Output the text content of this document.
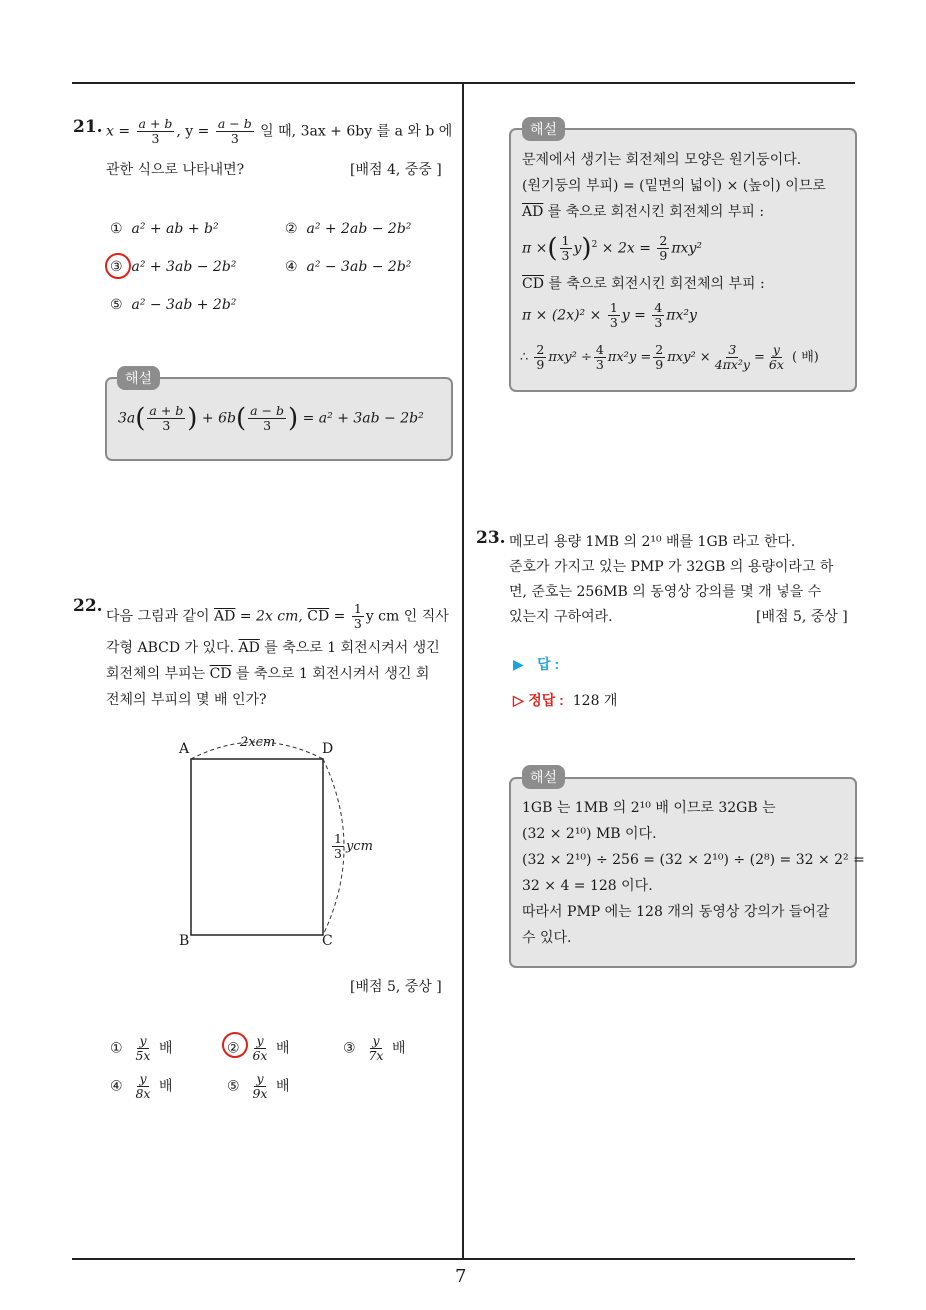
7
21. $x = \frac{a + b}{3}$ , $y = \frac{a - b}{3}$ 일 때, 3ax + 6by 를 a 와 b 에
관한 식으로 나타내면?	[배점 4, 중중 ]
① a² + ab + b²	② a² + 2ab − 2b²
③ a² + 3ab − 2b²	④ a² − 3ab − 2b²
⑤ a² − 3ab + 2b²
해설
$3a( \frac{a + b}{3}$ ) + $6b( \frac{a - b}{3}$ ) = a² + 3ab − 2b²
22.
다음 그림과 같이 $\overline{AD} = 2x$ cm, $\overline{CD} = \frac{1}{3}$ y cm 인 직사
각형 ABCD 가 있다. $\overline{AD}$ 를 축으로 1 회전시켜서 생긴
회전체의 부피는 $\overline{CD}$ 를 축으로 1 회전시켜서 생긴 회
전체의 부피의 몇 배 인가?
A	D
B	C
2xcm
$\frac{1}{3}$ ycm
[배점 5, 중상 ]
① $\frac{y}{5x}$ 배	② $\frac{y}{6x}$ 배	③ $\frac{y}{7x}$ 배
④ $\frac{y}{8x}$ 배	⑤ $\frac{y}{9x}$ 배
해설
문제에서 생기는 회전체의 모양은 원기둥이다.
(원기둥의 부피) = (밑면의 넓이) × (높이) 이므로
$\overline{AD}$ 를 축으로 회전시킨 회전체의 부피 :
π ×( $\frac{1}{3} y)^2 \times 2x = \frac{2}{9} \pi xy^2$
$\overline{CD}$ 를 축으로 회전시킨 회전체의 부피 :
$\pi \times (2x)^2 \times \frac{1}{3}$ $y = \frac{4}{3} \pi x^2y$
∴ $\frac{2}{9} \pi xy^2 \div \frac{4}{3} \pi x^2y = \frac{2}{9} \pi xy^2 \times \frac{3}{\text{4πx²y}} = \frac{y}{6x}$ ( 배)
23. 메모리 용량 1MB 의 2¹⁰ 배를 1GB 라고 한다.
준호가 가지고 있는 PMP 가 32GB 의 용량이라고 하
면, 준호는 256MB 의 동영상 강의를 몇 개 넣을 수
있는지 구하여라.	[배점 5, 중상 ]
▶ 답 :
▷ 정답 : 128 개
해설
1GB 는 1MB 의 2¹⁰ 배 이므로 32GB 는
(32 × 2¹⁰) MB 이다.
(32 × 2¹⁰) ÷ 256 = (32 × 2¹⁰) ÷ (2⁸) = 32 × 2² =
32 × 4 = 128 이다.
따라서 PMP 에는 128 개의 동영상 강의가 들어갈
수 있다.
